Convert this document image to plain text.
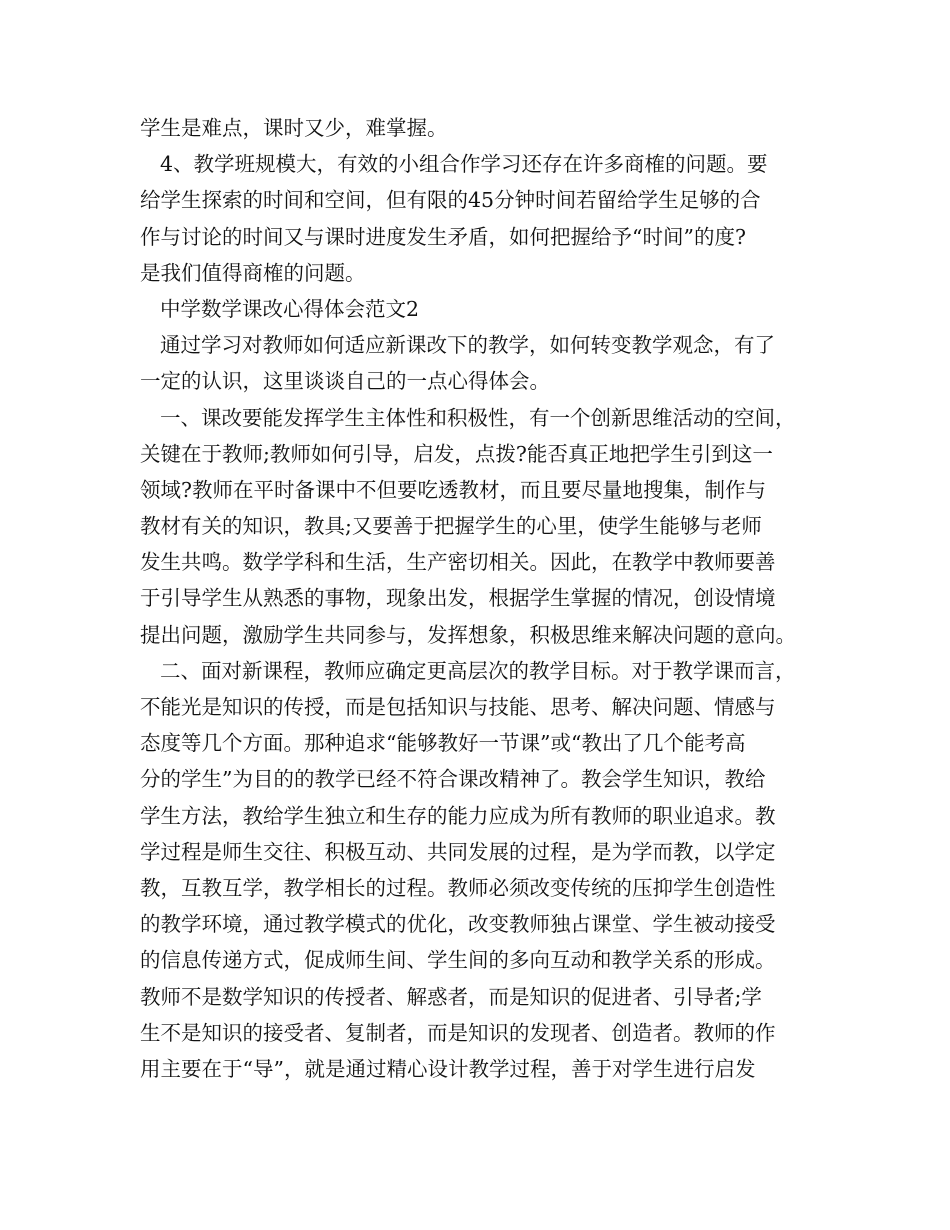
学生是难点，课时又少，难掌握。
4、教学班规模大，有效的小组合作学习还存在许多商榷的问题。要
给学生探索的时间和空间，但有限的45分钟时间若留给学生足够的合
作与讨论的时间又与课时进度发生矛盾，如何把握给予“时间”的度?
是我们值得商榷的问题。
中学数学课改心得体会范文2
通过学习对教师如何适应新课改下的教学，如何转变教学观念，有了
一定的认识，这里谈谈自己的一点心得体会。
一、课改要能发挥学生主体性和积极性，有一个创新思维活动的空间，
关键在于教师;教师如何引导，启发，点拨?能否真正地把学生引到这一
领域?教师在平时备课中不但要吃透教材，而且要尽量地搜集，制作与
教材有关的知识，教具;又要善于把握学生的心里，使学生能够与老师
发生共鸣。数学学科和生活，生产密切相关。因此，在教学中教师要善
于引导学生从熟悉的事物，现象出发，根据学生掌握的情况，创设情境
提出问题，激励学生共同参与，发挥想象，积极思维来解决问题的意向。
二、面对新课程，教师应确定更高层次的教学目标。对于教学课而言，
不能光是知识的传授，而是包括知识与技能、思考、解决问题、情感与
态度等几个方面。那种追求“能够教好一节课”或“教出了几个能考高
分的学生”为目的的教学已经不符合课改精神了。教会学生知识，教给
学生方法，教给学生独立和生存的能力应成为所有教师的职业追求。教
学过程是师生交往、积极互动、共同发展的过程，是为学而教，以学定
教，互教互学，教学相长的过程。教师必须改变传统的压抑学生创造性
的教学环境，通过教学模式的优化，改变教师独占课堂、学生被动接受
的信息传递方式，促成师生间、学生间的多向互动和教学关系的形成。
教师不是数学知识的传授者、解惑者，而是知识的促进者、引导者;学
生不是知识的接受者、复制者，而是知识的发现者、创造者。教师的作
用主要在于“导”，就是通过精心设计教学过程，善于对学生进行启发
